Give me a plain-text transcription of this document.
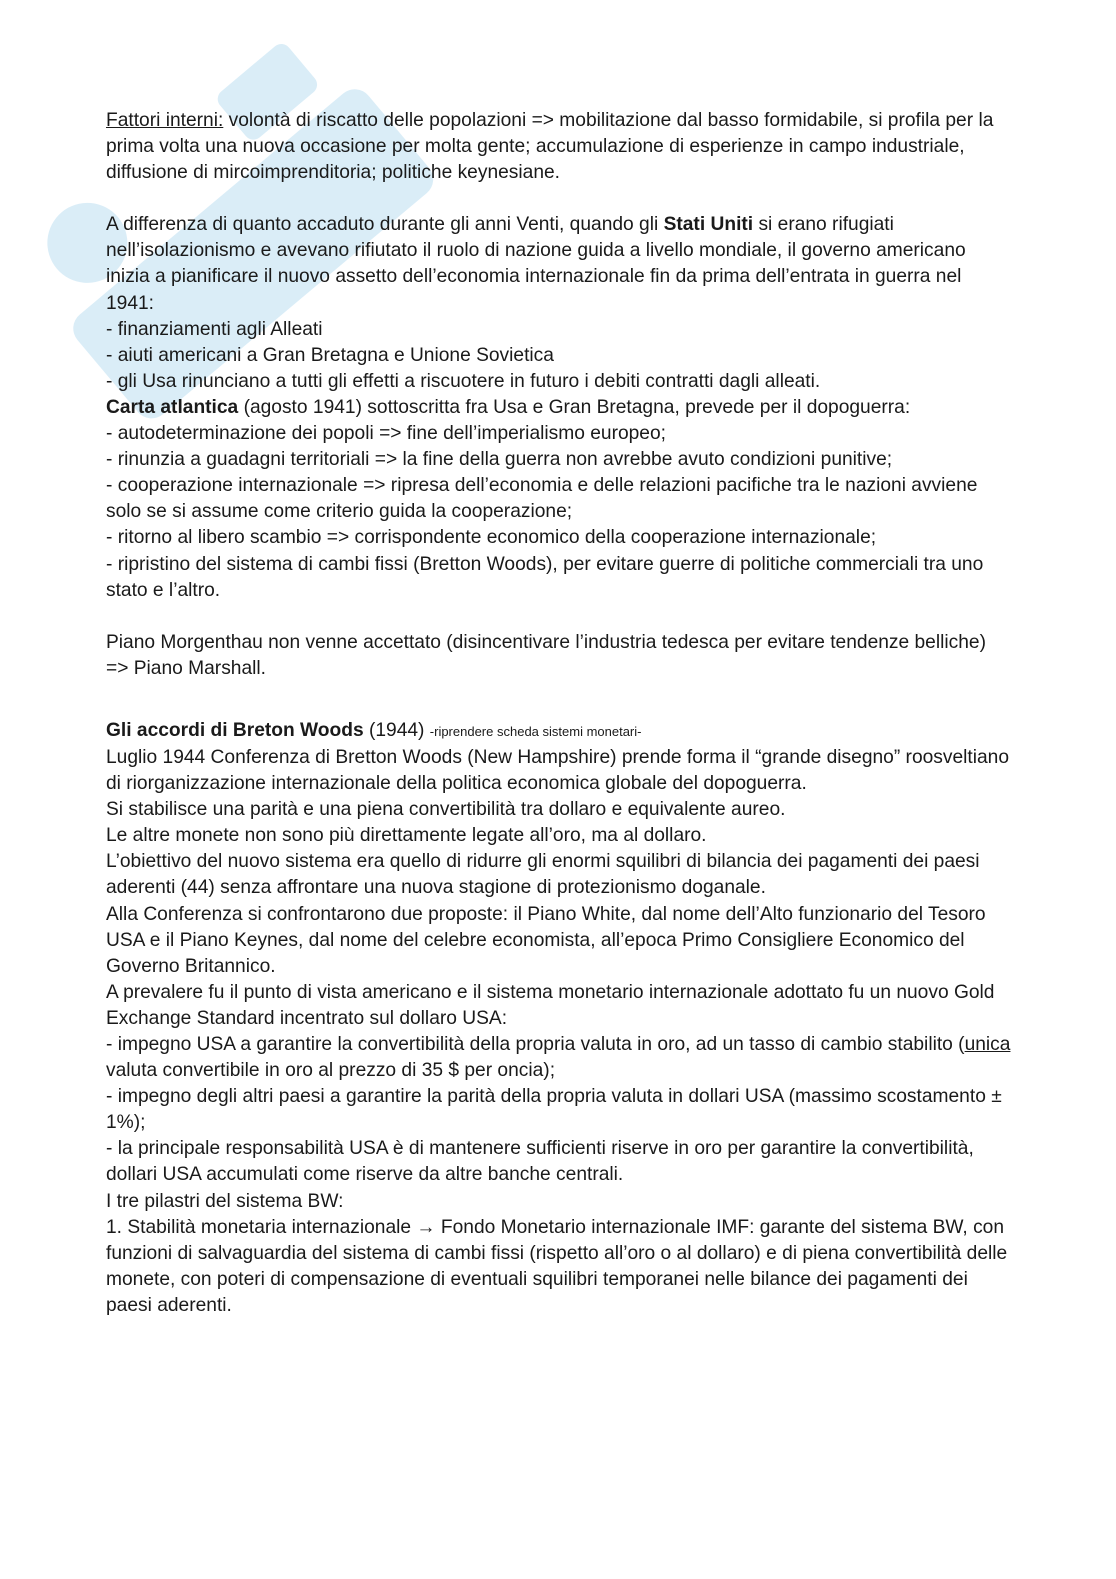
Fattori interni: volontà di riscatto delle popolazioni => mobilitazione dal basso formidabile, si profila per la prima volta una nuova occasione per molta gente; accumulazione di esperienze in campo industriale, diffusione di mircoimprenditoria; politiche keynesiane.

A differenza di quanto accaduto durante gli anni Venti, quando gli Stati Uniti si erano rifugiati nell’isolazionismo e avevano rifiutato il ruolo di nazione guida a livello mondiale, il governo americano inizia a pianificare il nuovo assetto dell’economia internazionale fin da prima dell’entrata in guerra nel 1941:

- finanziamenti agli Alleati

- aiuti americani a Gran Bretagna e Unione Sovietica

- gli Usa rinunciano a tutti gli effetti a riscuotere in futuro i debiti contratti dagli alleati.

Carta atlantica (agosto 1941) sottoscritta fra Usa e Gran Bretagna, prevede per il dopoguerra:

- autodeterminazione dei popoli => fine dell’imperialismo europeo;

- rinunzia a guadagni territoriali => la fine della guerra non avrebbe avuto condizioni punitive;

- cooperazione internazionale => ripresa dell’economia e delle relazioni pacifiche tra le nazioni avviene solo se si assume come criterio guida la cooperazione;

- ritorno al libero scambio => corrispondente economico della cooperazione internazionale;

- ripristino del sistema di cambi fissi (Bretton Woods), per evitare guerre di politiche commerciali tra uno stato e l’altro.

Piano Morgenthau non venne accettato (disincentivare l’industria tedesca per evitare tendenze belliche) => Piano Marshall.

Gli accordi di Breton Woods (1944) -riprendere scheda sistemi monetari-

Luglio 1944 Conferenza di Bretton Woods (New Hampshire) prende forma il “grande disegno” roosveltiano di riorganizzazione internazionale della politica economica globale del dopoguerra.

Si stabilisce una parità e una piena convertibilità tra dollaro e equivalente aureo.

Le altre monete non sono più direttamente legate all’oro, ma al dollaro.

L’obiettivo del nuovo sistema era quello di ridurre gli enormi squilibri di bilancia dei pagamenti dei paesi aderenti (44) senza affrontare una nuova stagione di protezionismo doganale.

Alla Conferenza si confrontarono due proposte: il Piano White, dal nome dell’Alto funzionario del Tesoro USA e il Piano Keynes, dal nome del celebre economista, all’epoca Primo Consigliere Economico del Governo Britannico.

A prevalere fu il punto di vista americano e il sistema monetario internazionale adottato fu un nuovo Gold Exchange Standard incentrato sul dollaro USA:

- impegno USA a garantire la convertibilità della propria valuta in oro, ad un tasso di cambio stabilito (unica valuta convertibile in oro al prezzo di 35 $ per oncia);

- impegno degli altri paesi a garantire la parità della propria valuta in dollari USA (massimo scostamento ± 1%);

- la principale responsabilità USA è di mantenere sufficienti riserve in oro per garantire la convertibilità, dollari USA accumulati come riserve da altre banche centrali.

I tre pilastri del sistema BW:

1. Stabilità monetaria internazionale → Fondo Monetario internazionale IMF: garante del sistema BW, con funzioni di salvaguardia del sistema di cambi fissi (rispetto all’oro o al dollaro) e di piena convertibilità delle monete, con poteri di compensazione di eventuali squilibri temporanei nelle bilance dei pagamenti dei paesi aderenti.
